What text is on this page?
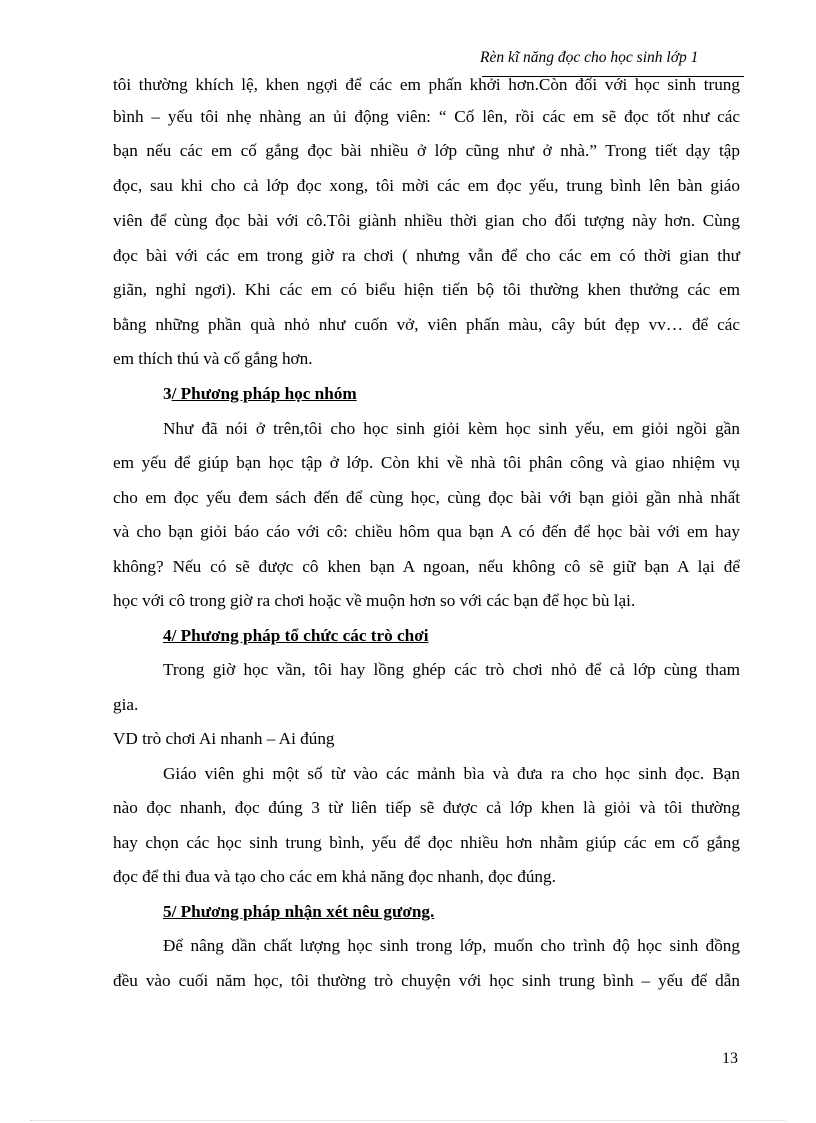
Rèn kĩ năng đọc cho học sinh lớp 1
tôi thường khích lệ, khen ngợi để các em phấn khởi hơn.Còn đối với học sinh trung
bình – yếu tôi nhẹ nhàng an ủi động viên: “ Cố lên, rồi các em sẽ đọc tốt như các
bạn nếu các em cố gắng đọc bài nhiều ở lớp cũng như ở nhà.” Trong tiết dạy tập
đọc, sau khi cho cả lớp đọc xong, tôi mời các em đọc yếu, trung bình lên bàn giáo
viên để cùng đọc bài với cô.Tôi giành nhiều thời gian cho đối tượng này hơn. Cùng
đọc bài với các em trong giờ ra chơi ( nhưng vẫn để cho các em có thời gian thư
giãn, nghỉ ngơi). Khi các em có biểu hiện tiến bộ tôi thường khen thưởng các em
bằng những phần quà nhỏ như cuốn vở, viên phấn màu, cây bút đẹp vv… để các
em thích thú và cố gắng hơn.
3/ Phương pháp học nhóm
Như đã nói ở trên,tôi cho học sinh giỏi kèm học sinh yếu, em giỏi ngồi gần
em yếu để giúp bạn học tập ở lớp. Còn khi về nhà tôi phân công và giao nhiệm vụ
cho em đọc yếu đem sách đến để cùng học, cùng đọc bài với bạn giỏi gần nhà nhất
và cho bạn giỏi báo cáo với cô: chiều hôm qua bạn A có đến để học bài với em hay
không? Nếu có sẽ được cô khen bạn A ngoan, nếu không cô sẽ giữ bạn A lại để
học với cô trong giờ ra chơi hoặc về muộn hơn so với các bạn để học bù lại.
4/ Phương pháp tổ chức các trò chơi
Trong giờ học vần, tôi hay lồng ghép các trò chơi nhỏ để cả lớp cùng tham
gia.
VD trò chơi Ai nhanh – Ai đúng
Giáo viên ghi một số từ vào các mảnh bìa và đưa ra cho học sinh đọc. Bạn
nào đọc nhanh, đọc đúng 3 từ liên tiếp sẽ được cả lớp khen là giỏi và tôi thường
hay chọn các học sinh trung bình, yếu để đọc nhiều hơn nhằm giúp các em cố gắng
đọc để thi đua và tạo cho các em khả năng đọc nhanh, đọc đúng.
5/ Phương pháp nhận xét nêu gương.
Để nâng dần chất lượng học sinh trong lớp, muốn cho trình độ học sinh đồng
đều vào cuối năm học, tôi thường trò chuyện với học sinh trung bình – yếu để dẫn
13
